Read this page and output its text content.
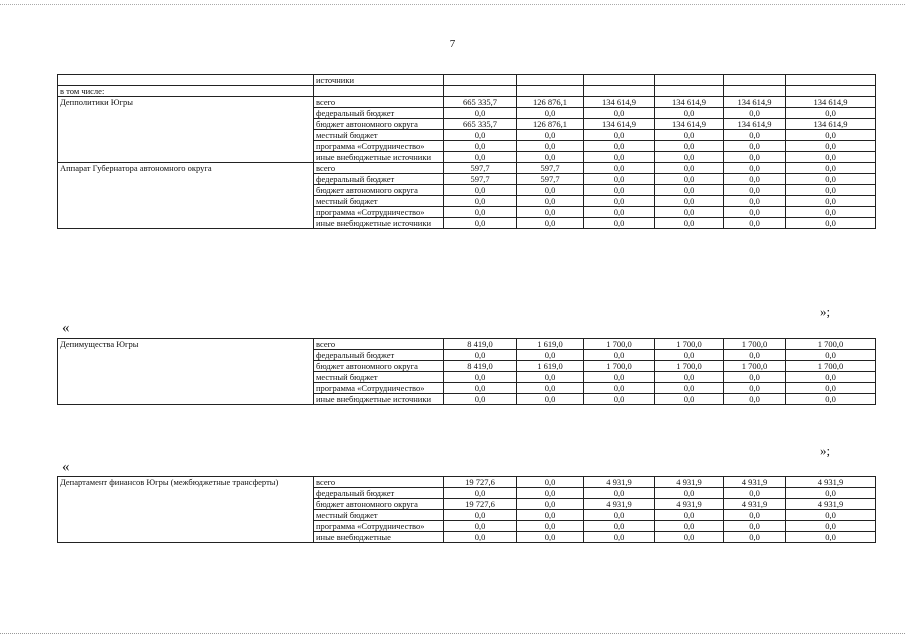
7
	источники						
в том числе:							
Депполитики Югры	всего	665 335,7	126 876,1	134 614,9	134 614,9	134 614,9	134 614,9
	федеральный бюджет	0,0	0,0	0,0	0,0	0,0	0,0
	бюджет автономного округа	665 335,7	126 876,1	134 614,9	134 614,9	134 614,9	134 614,9
	местный бюджет	0,0	0,0	0,0	0,0	0,0	0,0
	программа «Сотрудничество»	0,0	0,0	0,0	0,0	0,0	0,0
	иные внебюджетные источники	0,0	0,0	0,0	0,0	0,0	0,0
Аппарат Губернатора автономного округа	всего	597,7	597,7	0,0	0,0	0,0	0,0
	федеральный бюджет	597,7	597,7	0,0	0,0	0,0	0,0
	бюджет автономного округа	0,0	0,0	0,0	0,0	0,0	0,0
	местный бюджет	0,0	0,0	0,0	0,0	0,0	0,0
	программа «Сотрудничество»	0,0	0,0	0,0	0,0	0,0	0,0
	иные внебюджетные источники	0,0	0,0	0,0	0,0	0,0	0,0
»;
«
Депимущества Югры	всего	8 419,0	1 619,0	1 700,0	1 700,0	1 700,0	1 700,0
	федеральный бюджет	0,0	0,0	0,0	0,0	0,0	0,0
	бюджет автономного округа	8 419,0	1 619,0	1 700,0	1 700,0	1 700,0	1 700,0
	местный бюджет	0,0	0,0	0,0	0,0	0,0	0,0
	программа «Сотрудничество»	0,0	0,0	0,0	0,0	0,0	0,0
	иные внебюджетные источники	0,0	0,0	0,0	0,0	0,0	0,0
»;
«
Департамент финансов Югры (межбюджетные трансферты)	всего	19 727,6	0,0	4 931,9	4 931,9	4 931,9	4 931,9
	федеральный бюджет	0,0	0,0	0,0	0,0	0,0	0,0
	бюджет автономного округа	19 727,6	0,0	4 931,9	4 931,9	4 931,9	4 931,9
	местный бюджет	0,0	0,0	0,0	0,0	0,0	0,0
	программа «Сотрудничество»	0,0	0,0	0,0	0,0	0,0	0,0
	иные внебюджетные	0,0	0,0	0,0	0,0	0,0	0,0
